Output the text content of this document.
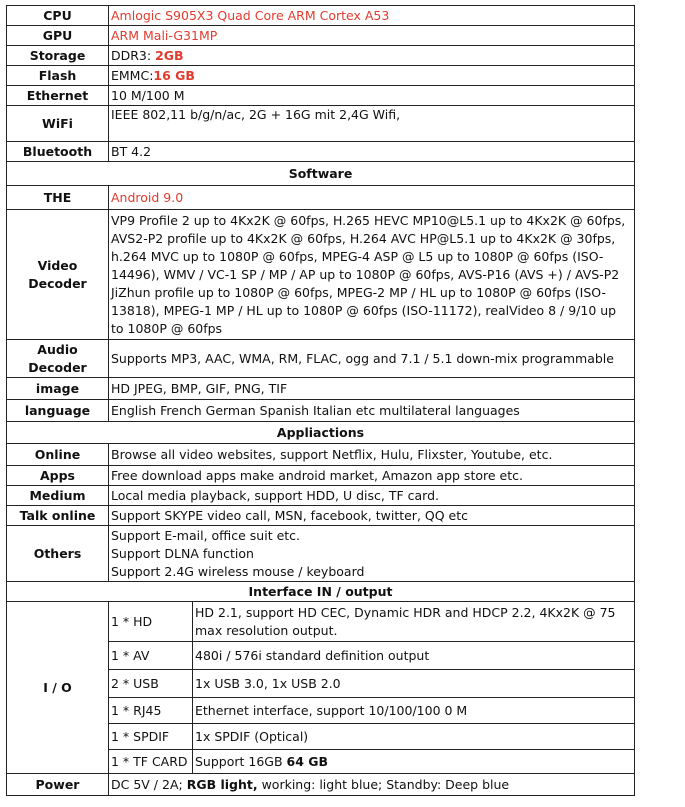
CPU	Amlogic S905X3 Quad Core ARM Cortex A53	
GPU	ARM Mali-G31MP	
Storage	DDR3: 2GB	
Flash	EMMC:16 GB	
Ethernet	10 M/100 M	
WiFi	IEEE 802,11 b/g/n/ac, 2G + 16G mit 2,4G Wifi,	
Bluetooth	BT 4.2	
Software		
THE	Android 9.0	

Video
Decoder	VP9 Profile 2 up to 4Kx2K @ 60fps, H.265 HEVC MP10@L5.1 up to 4Kx2K @ 60fps, AVS2-P2 profile up to 4Kx2K @ 60fps, H.264 AVC HP@L5.1 up to 4Kx2K @ 30fps, h.264 MVC up to 1080P @ 60fps, MPEG-4 ASP @ L5 up to 1080P @ 60fps (ISO-14496), WMV / VC-1 SP / MP / AP up to 1080P @ 60fps, AVS-P16 (AVS +) / AVS-P2 JiZhun profile up to 1080P @ 60fps, MPEG-2 MP / HL up to 1080P @ 60fps (ISO-13818), MPEG-1 MP / HL up to 1080P @ 60fps (ISO-11172), realVideo 8 / 9/10 up to 1080P @ 60fps	

Audio
Decoder	Supports MP3, AAC, WMA, RM, FLAC, ogg and 7.1 / 5.1 down-mix programmable	
image	HD JPEG, BMP, GIF, PNG, TIF	
language	English French German Spanish Italian etc multilateral languages	
Appliactions		
Online	Browse all video websites, support Netflix, Hulu, Flixster, Youtube, etc.	
Apps	Free download apps make android market, Amazon app store etc.	
Medium	Local media playback, support HDD, U disc, TF card.	
Talk online	Support SKYPE video call, MSN, facebook, twitter, QQ etc	
Others	Support E-mail, office suit etc.
Support DLNA function
Support 2.4G wireless mouse / keyboard	

Interface IN / output		
I / O	1 * HD	HD 2.1, support HD CEC, Dynamic HDR and HDCP 2.2, 4Kx2K @ 75 max resolution output.
	1 * AV	480i / 576i standard definition output
	2 * USB	1x USB 3.0, 1x USB 2.0
	1 * RJ45	Ethernet interface, support 10/100/100 0 M
	1 * SPDIF	1x SPDIF (Optical)
	1 * TF CARD	Support 16GB 64 GB
Power	DC 5V / 2A; RGB light, working: light blue; Standby: Deep blue	
